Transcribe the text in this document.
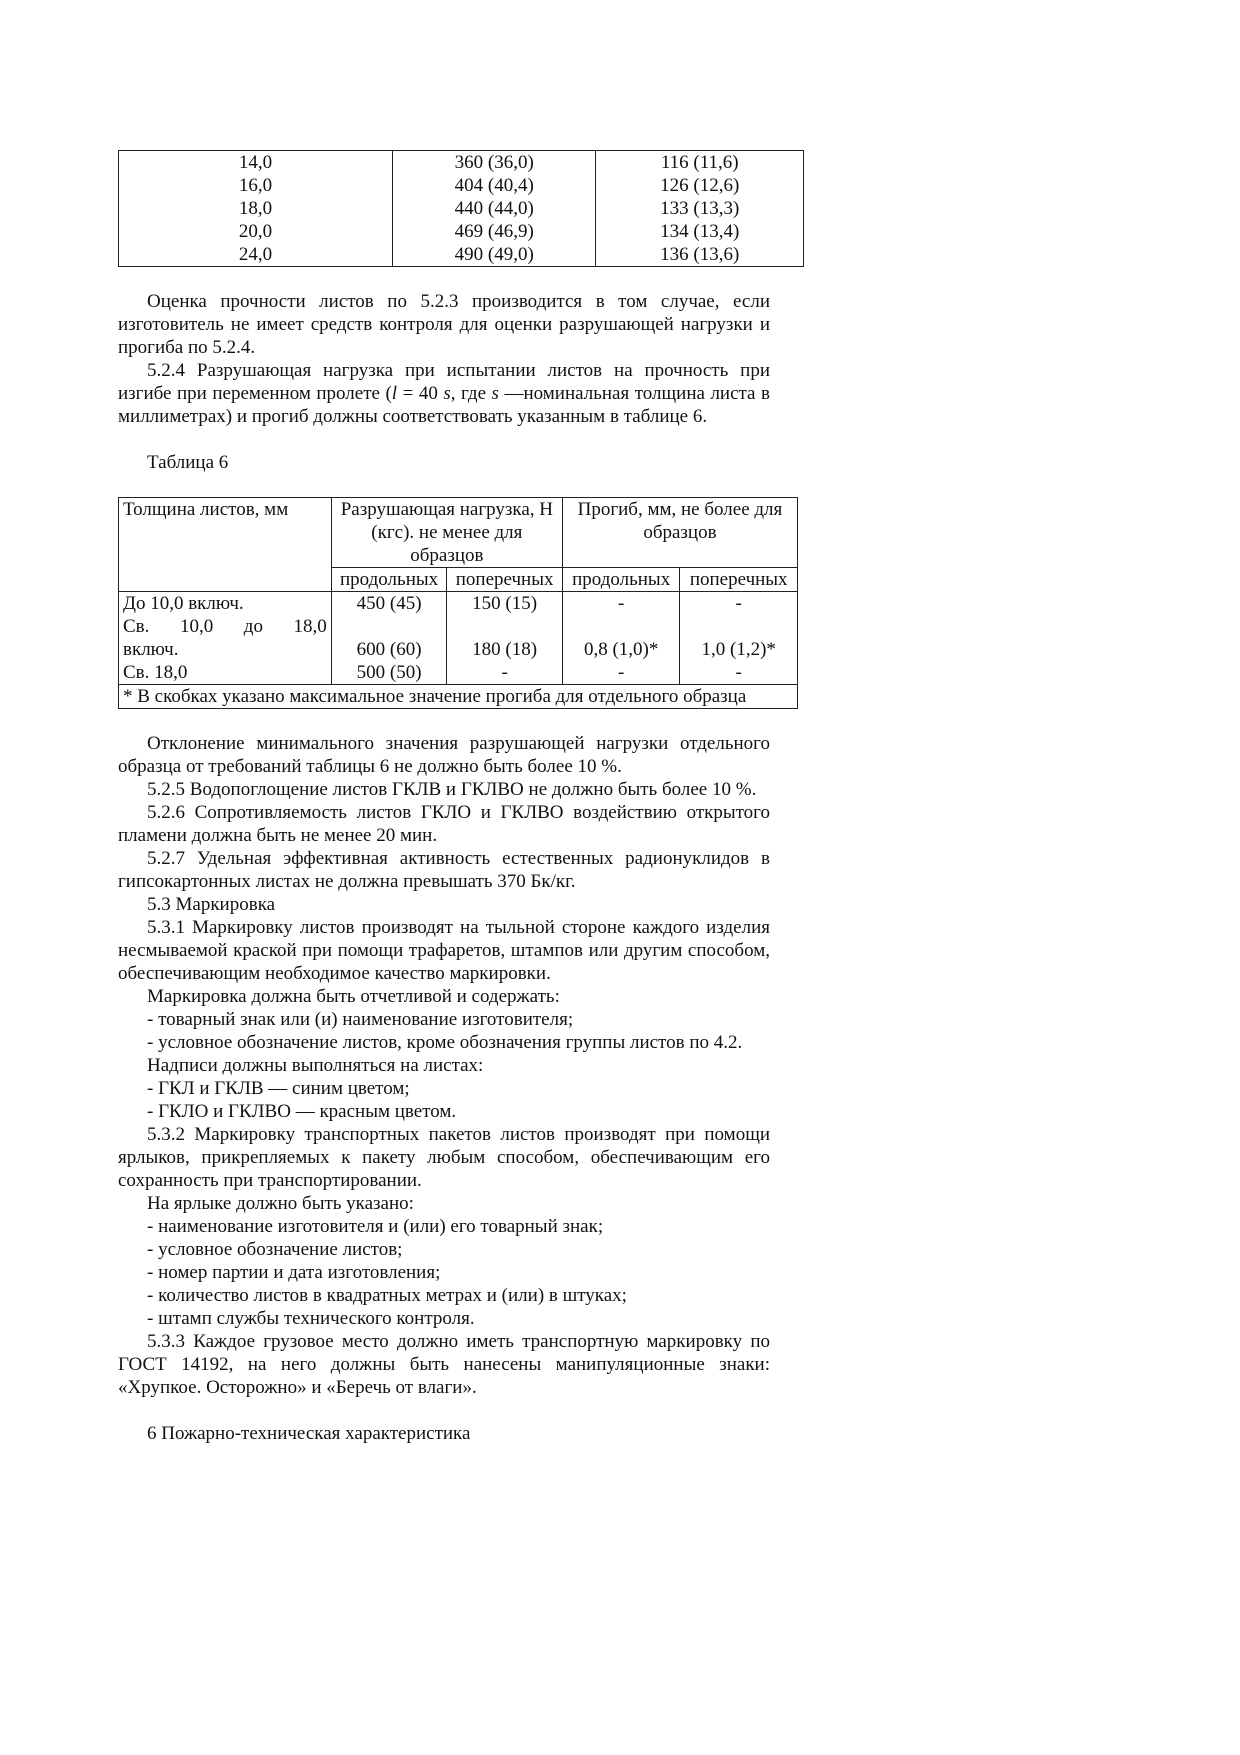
14,0	360 (36,0)	116 (11,6)
16,0	404 (40,4)	126 (12,6)
18,0	440 (44,0)	133 (13,3)
20,0	469 (46,9)	134 (13,4)
24,0	490 (49,0)	136 (13,6)

Оценка прочности листов по 5.2.3 производится в том случае, если изготовитель не имеет средств контроля для оценки разрушающей нагрузки и прогиба по 5.2.4.

5.2.4 Разрушающая нагрузка при испытании листов на прочность при изгибе при переменном пролете (l = 40 s, где s —номинальная толщина листа в миллиметрах) и прогиб должны соответствовать указанным в таблице 6.

Таблица 6

Толщина листов, мм	Разрушающая нагрузка, Н (кгс). не менее для образцов		Прогиб, мм, не более для образцов	
	продольных	поперечных	продольных	поперечных
До 10,0 включ.	450 (45)	150 (15)	-	-

Св. 10,0 до 18,0
включ.	600 (60)	180 (18)	0,8 (1,0)*	1,0 (1,2)*
Св. 18,0	500 (50)	-	-	-
* В скобках указано максимальное значение прогиба для отдельного образца				

Отклонение минимального значения разрушающей нагрузки отдельного образца от требований таблицы 6 не должно быть более 10 %.

5.2.5 Водопоглощение листов ГКЛВ и ГКЛВО не должно быть более 10 %.

5.2.6 Сопротивляемость листов ГКЛО и ГКЛВО воздействию открытого пламени должна быть не менее 20 мин.

5.2.7 Удельная эффективная активность естественных радионуклидов в гипсокартонных листах не должна превышать 370 Бк/кг.

5.3 Маркировка

5.3.1 Маркировку листов производят на тыльной стороне каждого изделия несмываемой краской при помощи трафаретов, штампов или другим способом, обеспечивающим необходимое качество маркировки.

Маркировка должна быть отчетливой и содержать:

- товарный знак или (и) наименование изготовителя;

- условное обозначение листов, кроме обозначения группы листов по 4.2.

Надписи должны выполняться на листах:

- ГКЛ и ГКЛВ — синим цветом;

- ГКЛО и ГКЛВО — красным цветом.

5.3.2 Маркировку транспортных пакетов листов производят при помощи ярлыков, прикрепляемых к пакету любым способом, обеспечивающим его сохранность при транспортировании.

На ярлыке должно быть указано:

- наименование изготовителя и (или) его товарный знак;

- условное обозначение листов;

- номер партии и дата изготовления;

- количество листов в квадратных метрах и (или) в штуках;

- штамп службы технического контроля.

5.3.3 Каждое грузовое место должно иметь транспортную маркировку по ГОСТ 14192, на него должны быть нанесены манипуляционные знаки: «Хрупкое. Осторожно» и «Беречь от влаги».

6 Пожарно-техническая характеристика
